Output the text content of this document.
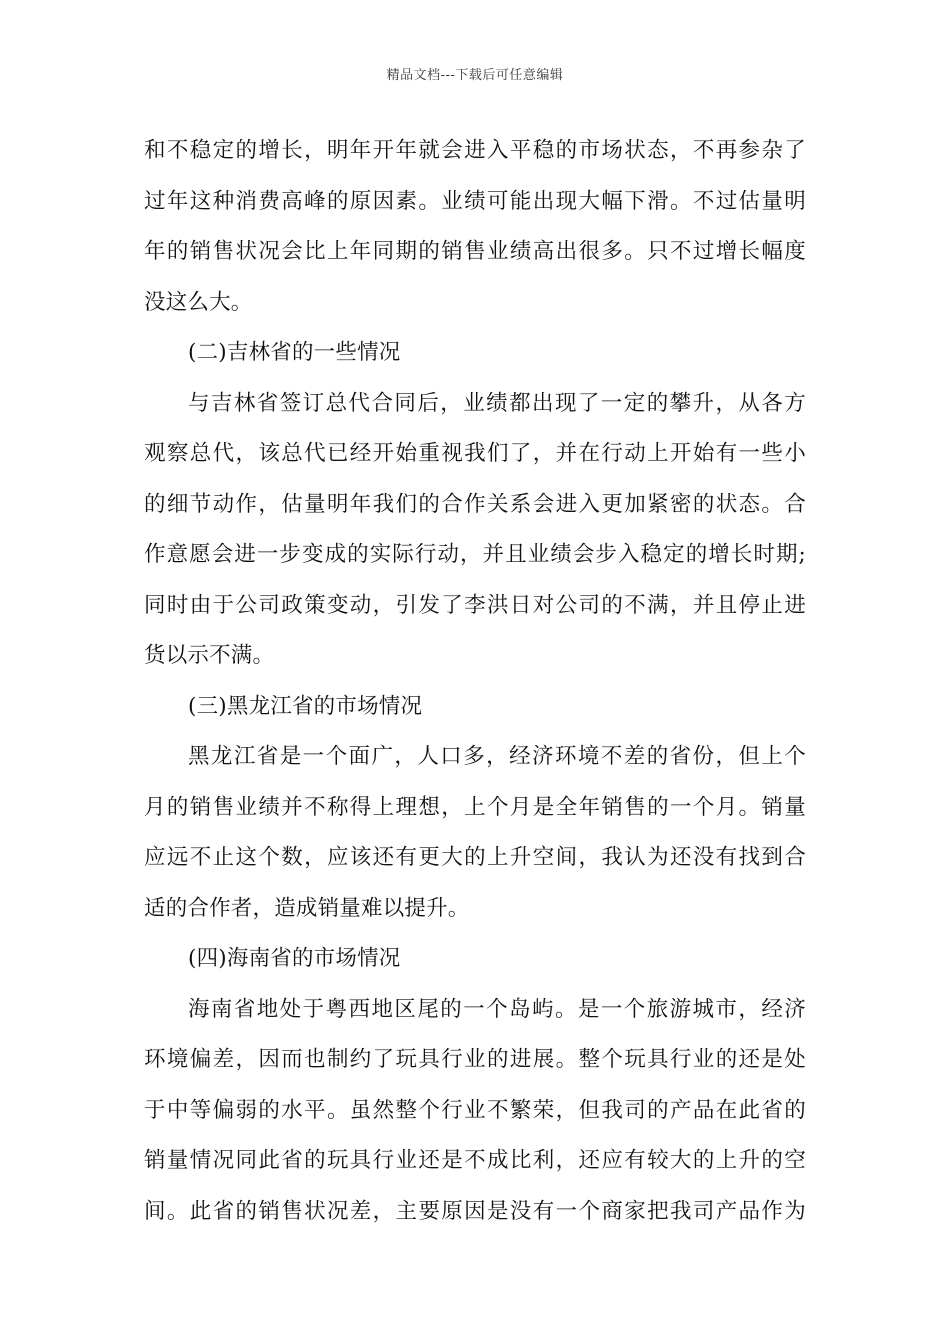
精品文档---下载后可任意编辑
和不稳定的增长，明年开年就会进入平稳的市场状态，不再参杂了
过年这种消费高峰的原因素。业绩可能出现大幅下滑。不过估量明
年的销售状况会比上年同期的销售业绩高出很多。只不过增长幅度
没这么大。
(二)吉林省的一些情况
与吉林省签订总代合同后，业绩都出现了一定的攀升，从各方
观察总代，该总代已经开始重视我们了，并在行动上开始有一些小
的细节动作，估量明年我们的合作关系会进入更加紧密的状态。合
作意愿会进一步变成的实际行动，并且业绩会步入稳定的增长时期;
同时由于公司政策变动，引发了李洪日对公司的不满，并且停止进
货以示不满。
(三)黑龙江省的市场情况
黑龙江省是一个面广，人口多，经济环境不差的省份，但上个
月的销售业绩并不称得上理想，上个月是全年销售的一个月。销量
应远不止这个数，应该还有更大的上升空间，我认为还没有找到合
适的合作者，造成销量难以提升。
(四)海南省的市场情况
海南省地处于粤西地区尾的一个岛屿。是一个旅游城市，经济
环境偏差，因而也制约了玩具行业的进展。整个玩具行业的还是处
于中等偏弱的水平。虽然整个行业不繁荣，但我司的产品在此省的
销量情况同此省的玩具行业还是不成比利，还应有较大的上升的空
间。此省的销售状况差，主要原因是没有一个商家把我司产品作为
